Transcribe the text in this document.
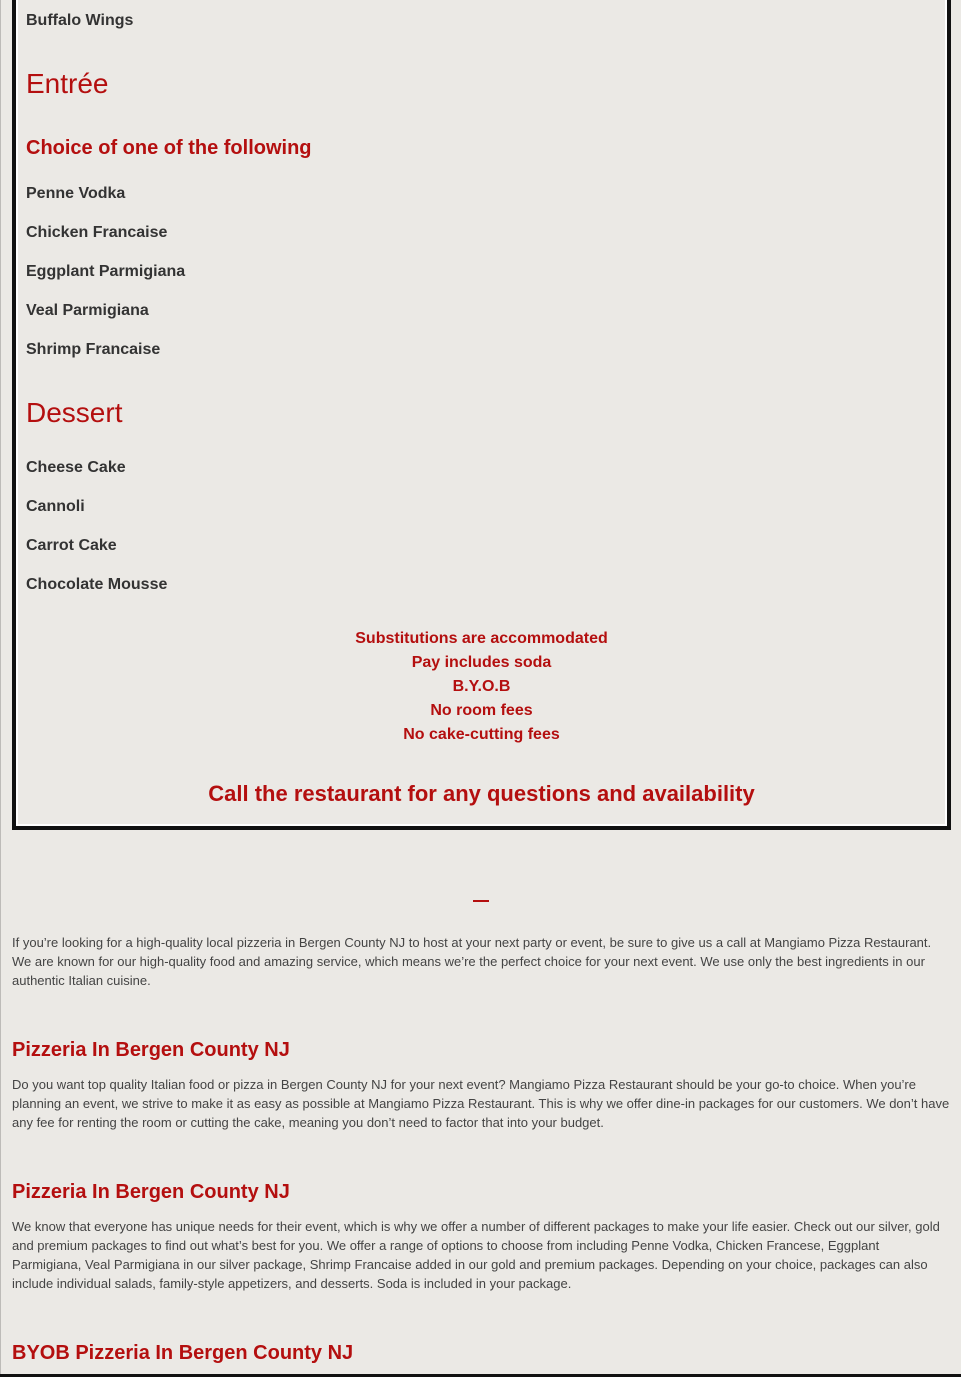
Buffalo Wings
Entrée
Choice of one of the following
Penne Vodka
Chicken Francaise
Eggplant Parmigiana
Veal Parmigiana
Shrimp Francaise
Dessert
Cheese Cake
Cannoli
Carrot Cake
Chocolate Mousse
Substitutions are accommodated
Pay includes soda
B.Y.O.B
No room fees
No cake-cutting fees
Call the restaurant for any questions and availability
If you’re looking for a high-quality local pizzeria in Bergen County NJ to host at your next party or event, be sure to give us a call at Mangiamo Pizza Restaurant. We are known for our high-quality food and amazing service, which means we’re the perfect choice for your next event. We use only the best ingredients in our authentic Italian cuisine.
Pizzeria In Bergen County NJ
Do you want top quality Italian food or pizza in Bergen County NJ for your next event? Mangiamo Pizza Restaurant should be your go-to choice. When you’re planning an event, we strive to make it as easy as possible at Mangiamo Pizza Restaurant. This is why we offer dine-in packages for our customers. We don’t have any fee for renting the room or cutting the cake, meaning you don’t need to factor that into your budget.
Pizzeria In Bergen County NJ
We know that everyone has unique needs for their event, which is why we offer a number of different packages to make your life easier. Check out our silver, gold and premium packages to find out what’s best for you. We offer a range of options to choose from including Penne Vodka, Chicken Francese, Eggplant Parmigiana, Veal Parmigiana in our silver package, Shrimp Francaise added in our gold and premium packages. Depending on your choice, packages can also include individual salads, family-style appetizers, and desserts. Soda is included in your package.
BYOB Pizzeria In Bergen County NJ
